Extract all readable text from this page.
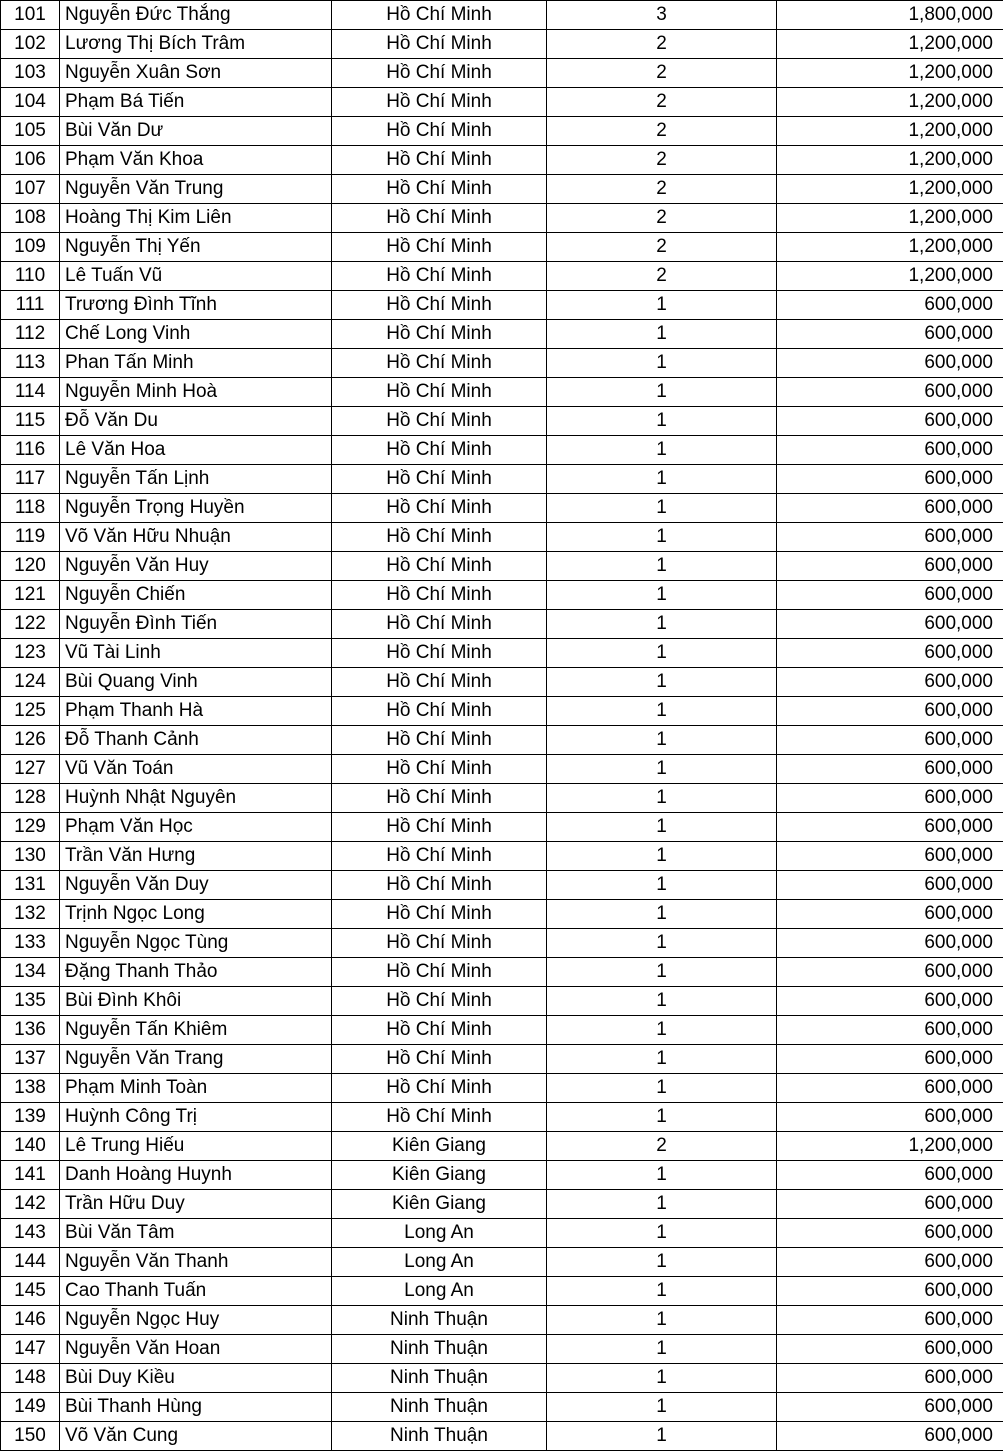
101	Nguyễn Đức Thắng	Hồ Chí Minh	3	1,800,000
102	Lương Thị Bích Trâm	Hồ Chí Minh	2	1,200,000
103	Nguyễn Xuân Sơn	Hồ Chí Minh	2	1,200,000
104	Phạm Bá Tiến	Hồ Chí Minh	2	1,200,000
105	Bùi Văn Dư	Hồ Chí Minh	2	1,200,000
106	Phạm Văn Khoa	Hồ Chí Minh	2	1,200,000
107	Nguyễn Văn Trung	Hồ Chí Minh	2	1,200,000
108	Hoàng Thị Kim Liên	Hồ Chí Minh	2	1,200,000
109	Nguyễn Thị Yến	Hồ Chí Minh	2	1,200,000
110	Lê Tuấn Vũ	Hồ Chí Minh	2	1,200,000
111	Trương Đình Tĩnh	Hồ Chí Minh	1	600,000
112	Chế Long Vinh	Hồ Chí Minh	1	600,000
113	Phan Tấn Minh	Hồ Chí Minh	1	600,000
114	Nguyễn Minh Hoà	Hồ Chí Minh	1	600,000
115	Đỗ Văn Du	Hồ Chí Minh	1	600,000
116	Lê Văn Hoa	Hồ Chí Minh	1	600,000
117	Nguyễn Tấn Lịnh	Hồ Chí Minh	1	600,000
118	Nguyễn Trọng Huyền	Hồ Chí Minh	1	600,000
119	Võ Văn Hữu Nhuận	Hồ Chí Minh	1	600,000
120	Nguyễn Văn Huy	Hồ Chí Minh	1	600,000
121	Nguyễn Chiến	Hồ Chí Minh	1	600,000
122	Nguyễn Đình Tiến	Hồ Chí Minh	1	600,000
123	Vũ Tài Linh	Hồ Chí Minh	1	600,000
124	Bùi Quang Vinh	Hồ Chí Minh	1	600,000
125	Phạm Thanh Hà	Hồ Chí Minh	1	600,000
126	Đỗ Thanh Cảnh	Hồ Chí Minh	1	600,000
127	Vũ Văn Toán	Hồ Chí Minh	1	600,000
128	Huỳnh Nhật Nguyên	Hồ Chí Minh	1	600,000
129	Phạm Văn Học	Hồ Chí Minh	1	600,000
130	Trần Văn Hưng	Hồ Chí Minh	1	600,000
131	Nguyễn Văn Duy	Hồ Chí Minh	1	600,000
132	Trịnh Ngọc Long	Hồ Chí Minh	1	600,000
133	Nguyễn Ngọc Tùng	Hồ Chí Minh	1	600,000
134	Đặng Thanh Thảo	Hồ Chí Minh	1	600,000
135	Bùi Đình Khôi	Hồ Chí Minh	1	600,000
136	Nguyễn Tấn Khiêm	Hồ Chí Minh	1	600,000
137	Nguyễn Văn Trang	Hồ Chí Minh	1	600,000
138	Phạm Minh Toàn	Hồ Chí Minh	1	600,000
139	Huỳnh Công Trị	Hồ Chí Minh	1	600,000
140	Lê Trung Hiếu	Kiên Giang	2	1,200,000
141	Danh Hoàng Huynh	Kiên Giang	1	600,000
142	Trần Hữu Duy	Kiên Giang	1	600,000
143	Bùi Văn Tâm	Long An	1	600,000
144	Nguyễn Văn Thanh	Long An	1	600,000
145	Cao Thanh Tuấn	Long An	1	600,000
146	Nguyễn Ngọc Huy	Ninh Thuận	1	600,000
147	Nguyễn Văn Hoan	Ninh Thuận	1	600,000
148	Bùi Duy Kiều	Ninh Thuận	1	600,000
149	Bùi Thanh Hùng	Ninh Thuận	1	600,000
150	Võ Văn Cung	Ninh Thuận	1	600,000
